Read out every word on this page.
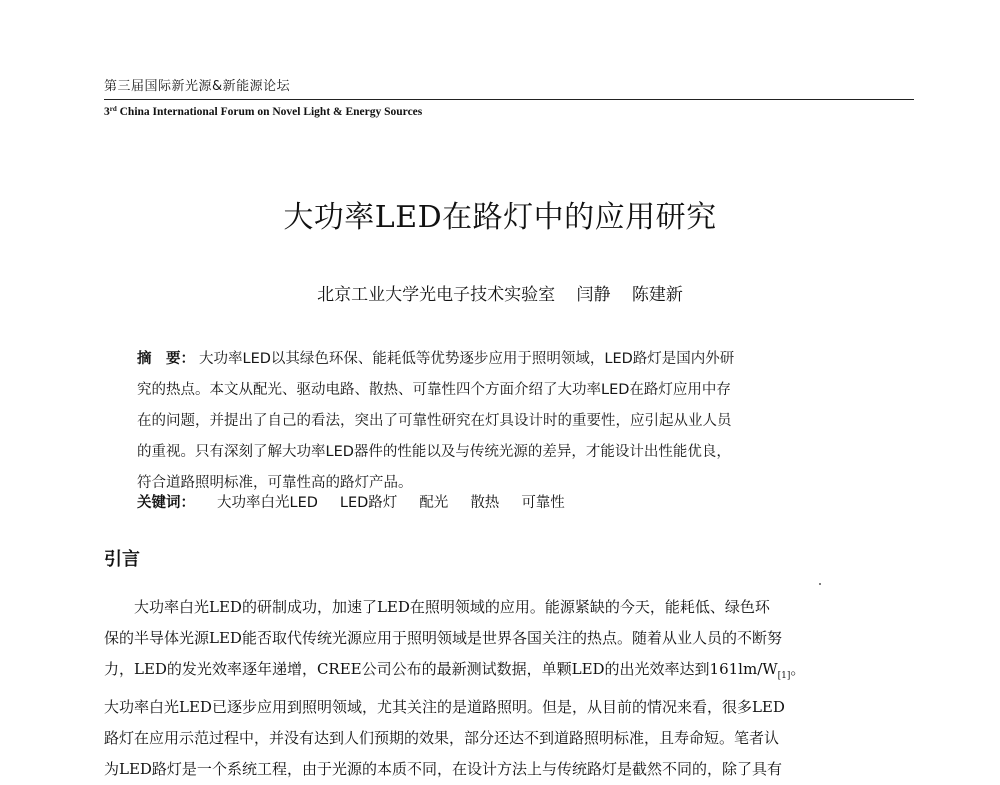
第三届国际新光源&新能源论坛
3rd China International Forum on Novel Light & Energy Sources
大功率LED在路灯中的应用研究
北京工业大学光电子技术实验室 闫静 陈建新
摘　要： 大功率LED以其绿色环保、能耗低等优势逐步应用于照明领域，LED路灯是国内外研
究的热点。本文从配光、驱动电路、散热、可靠性四个方面介绍了大功率LED在路灯应用中存
在的问题，并提出了自己的看法，突出了可靠性研究在灯具设计时的重要性，应引起从业人员
的重视。只有深刻了解大功率LED器件的性能以及与传统光源的差异，才能设计出性能优良，
符合道路照明标准，可靠性高的路灯产品。
关键词： 大功率白光LED LED路灯 配光 散热 可靠性
引言
大功率白光LED的研制成功，加速了LED在照明领域的应用。能源紧缺的今天，能耗低、绿色环
保的半导体光源LED能否取代传统光源应用于照明领域是世界各国关注的热点。随着从业人员的不断努
力，LED的发光效率逐年递增，CREE公司公布的最新测试数据，单颗LED的出光效率达到$161lm/W_{[1]}$。
大功率白光LED已逐步应用到照明领域，尤其关注的是道路照明。但是，从目前的情况来看，很多LED
路灯在应用示范过程中，并没有达到人们预期的效果，部分还达不到道路照明标准，且寿命短。笔者认
为LED路灯是一个系统工程，由于光源的本质不同，在设计方法上与传统路灯是截然不同的，除了具有
